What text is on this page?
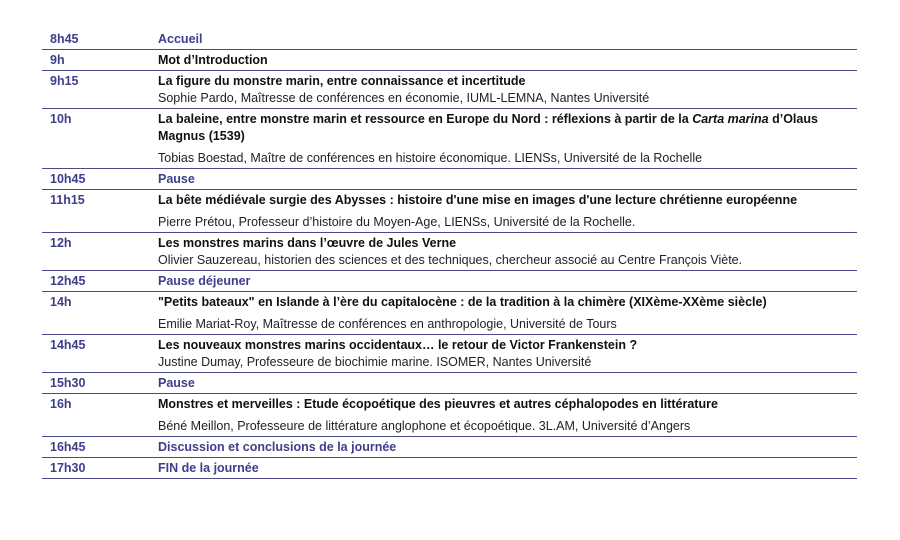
8h45	Accueil
9h	Mot d’Introduction
9h15	La figure du monstre marin, entre connaissance et incertitude
Sophie Pardo, Maîtresse de conférences en économie, IUML-LEMNA, Nantes Université
10h	La baleine, entre monstre marin et ressource en Europe du Nord : réflexions à partir de la Carta marina d’Olaus Magnus (1539)
Tobias Boestad, Maître de conférences en histoire économique. LIENSs, Université de la Rochelle
10h45	Pause
11h15	La bête médiévale surgie des Abysses : histoire d'une mise en images d'une lecture chrétienne européenne
Pierre Prétou, Professeur d’histoire du Moyen-Age, LIENSs, Université de la Rochelle.
12h	Les monstres marins dans l’œuvre de Jules Verne
Olivier Sauzereau, historien des sciences et des techniques, chercheur associé au Centre François Viète.
12h45	Pause déjeuner
14h	"Petits bateaux" en Islande à l’ère du capitalocène : de la tradition à la chimère (XIXème-XXème siècle)
Emilie Mariat-Roy, Maîtresse de conférences en anthropologie, Université de Tours
14h45	Les nouveaux monstres marins occidentaux… le retour de Victor Frankenstein ?
Justine Dumay, Professeure de biochimie marine. ISOMER, Nantes Université
15h30	Pause
16h	Monstres et merveilles : Etude écopoétique des pieuvres et autres céphalopodes en littérature
Béné Meillon, Professeure de littérature anglophone et écopoétique. 3L.AM, Université d’Angers
16h45	Discussion et conclusions de la journée
17h30	FIN de la journée
